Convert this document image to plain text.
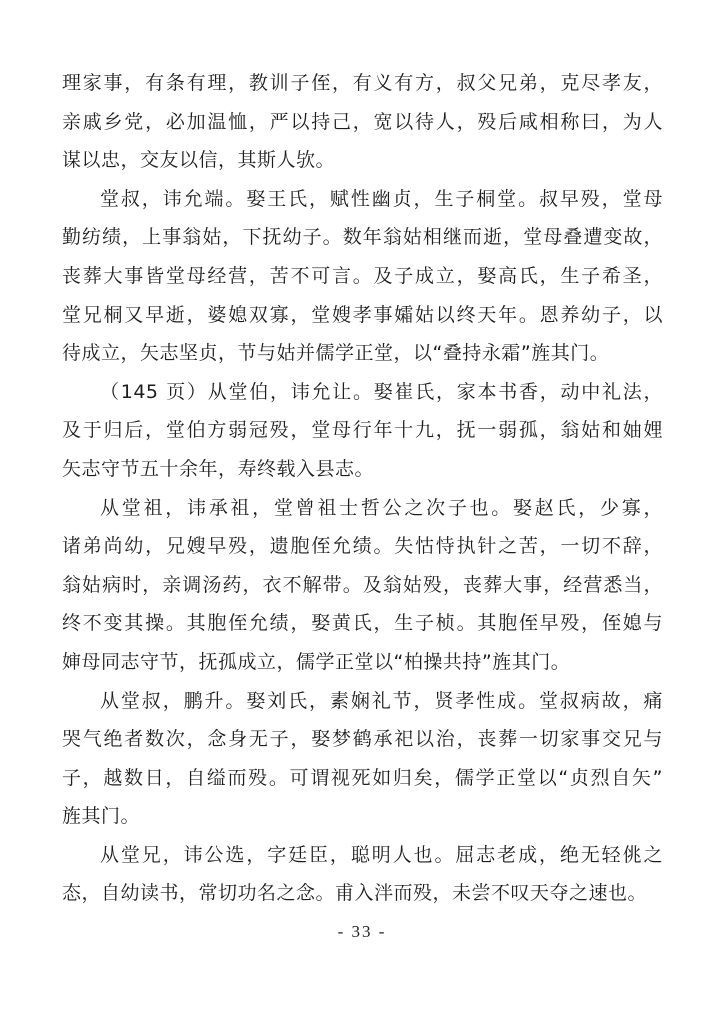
理家事，有条有理，教训子侄，有义有方，叔父兄弟，克尽孝友，
亲戚乡党，必加温恤，严以持己，宽以待人，殁后咸相称曰，为人
谋以忠，交友以信，其斯人欤。
堂叔，讳允端。娶王氏，赋性幽贞，生子桐堂。叔早殁，堂母
勤纺绩，上事翁姑，下抚幼子。数年翁姑相继而逝，堂母叠遭变故，
丧葬大事皆堂母经营，苦不可言。及子成立，娶高氏，生子希圣，
堂兄桐又早逝，婆媳双寡，堂嫂孝事孀姑以终天年。恩养幼子，以
待成立，矢志坚贞，节与姑并儒学正堂，以“叠持永霜”旌其门。
（145 页）从堂伯，讳允让。娶崔氏，家本书香，动中礼法，
及于归后，堂伯方弱冠殁，堂母行年十九，抚一弱孤，翁姑和妯娌
矢志守节五十余年，寿终载入县志。
从堂祖，讳承祖，堂曾祖士哲公之次子也。娶赵氏，少寡，
诸弟尚幼，兄嫂早殁，遗胞侄允绩。失怙恃执针之苦，一切不辞，
翁姑病时，亲调汤药，衣不解带。及翁姑殁，丧葬大事，经营悉当，
终不变其操。其胞侄允绩，娶黄氏，生子桢。其胞侄早殁，侄媳与
婶母同志守节，抚孤成立，儒学正堂以“柏操共持”旌其门。
从堂叔，鹏升。娶刘氏，素娴礼节，贤孝性成。堂叔病故，痛
哭气绝者数次，念身无子，娶梦鹤承祀以治，丧葬一切家事交兄与
子，越数日，自缢而殁。可谓视死如归矣，儒学正堂以“贞烈自矢”
旌其门。
从堂兄，讳公选，字廷臣，聪明人也。屈志老成，绝无轻佻之
态，自幼读书，常切功名之念。甫入泮而殁，未尝不叹天夺之速也。
- 33 -
